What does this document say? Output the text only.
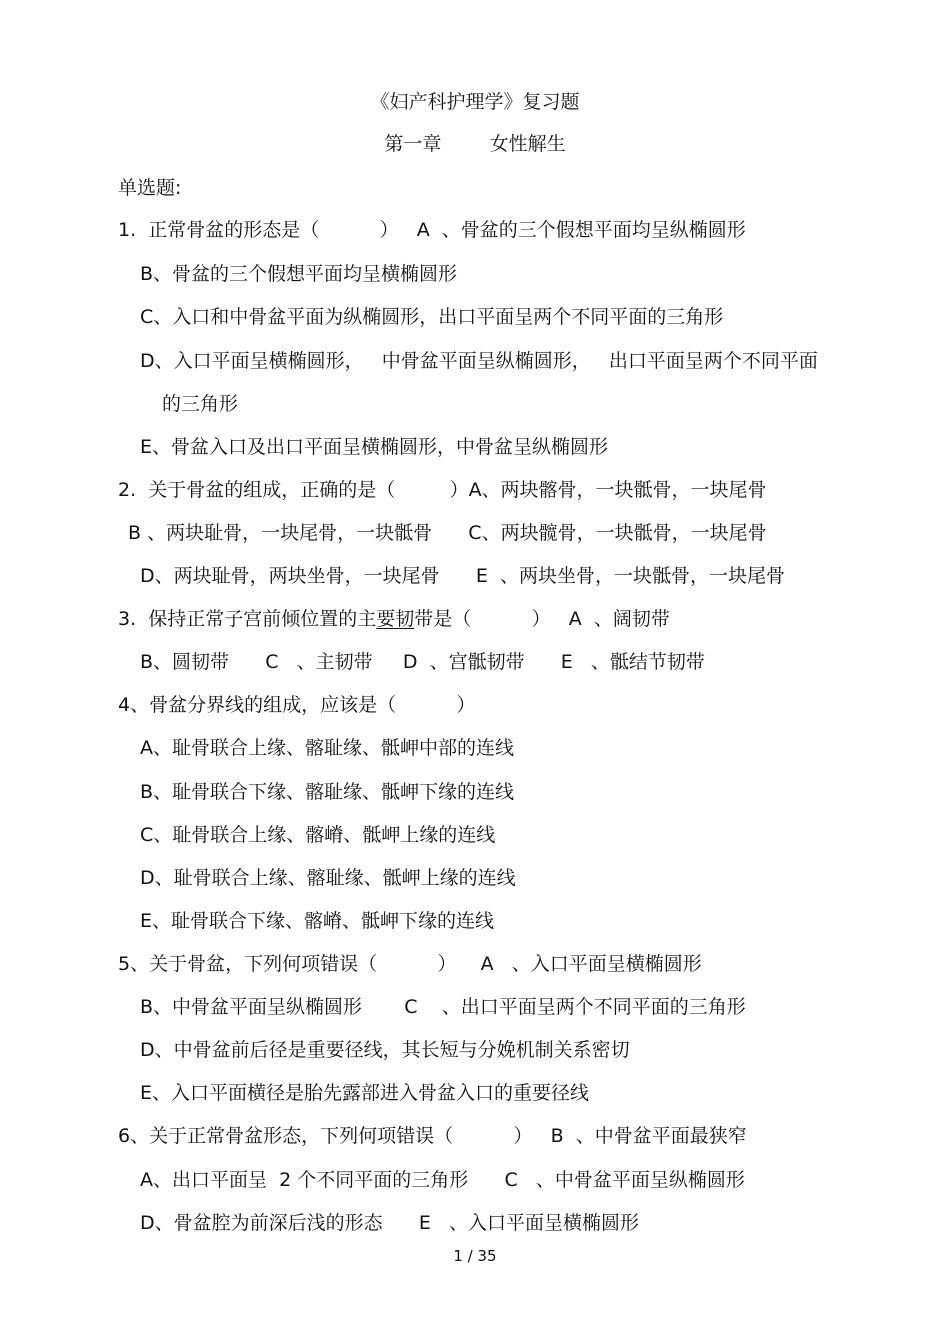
《妇产科护理学》复习题
第一章        女性解生
单选题:
1.  正常骨盆的形态是（          ）   A  、骨盆的三个假想平面均呈纵椭圆形
B、骨盆的三个假想平面均呈横椭圆形
C、入口和中骨盆平面为纵椭圆形，出口平面呈两个不同平面的三角形
D、入口平面呈横椭圆形，   中骨盆平面呈纵椭圆形，   出口平面呈两个不同平面
的三角形
E、骨盆入口及出口平面呈横椭圆形，中骨盆呈纵椭圆形
2.  关于骨盆的组成，正确的是（         ）A、两块髂骨，一块骶骨，一块尾骨
B 、两块耻骨，一块尾骨，一块骶骨      C、两块髋骨，一块骶骨，一块尾骨
D、两块耻骨，两块坐骨，一块尾骨      E  、两块坐骨，一块骶骨，一块尾骨
3.  保持正常子宫前倾位置的主要韧带是（          ）   A  、阔韧带
B、圆韧带      C   、主韧带     D  、宫骶韧带      E   、骶结节韧带
4、骨盆分界线的组成，应该是（          ）
A、耻骨联合上缘、髂耻缘、骶岬中部的连线
B、耻骨联合下缘、髂耻缘、骶岬下缘的连线
C、耻骨联合上缘、髂嵴、骶岬上缘的连线
D、耻骨联合上缘、髂耻缘、骶岬上缘的连线
E、耻骨联合下缘、髂嵴、骶岬下缘的连线
5、关于骨盆，下列何项错误（          ）    A   、入口平面呈横椭圆形
B、中骨盆平面呈纵椭圆形       C    、出口平面呈两个不同平面的三角形
D、中骨盆前后径是重要径线，其长短与分娩机制关系密切
E、入口平面横径是胎先露部进入骨盆入口的重要径线
6、关于正常骨盆形态，下列何项错误（          ）   B  、中骨盆平面最狭窄
A、出口平面呈  2 个不同平面的三角形      C   、中骨盆平面呈纵椭圆形
D、骨盆腔为前深后浅的形态      E   、入口平面呈横椭圆形
1 / 35
